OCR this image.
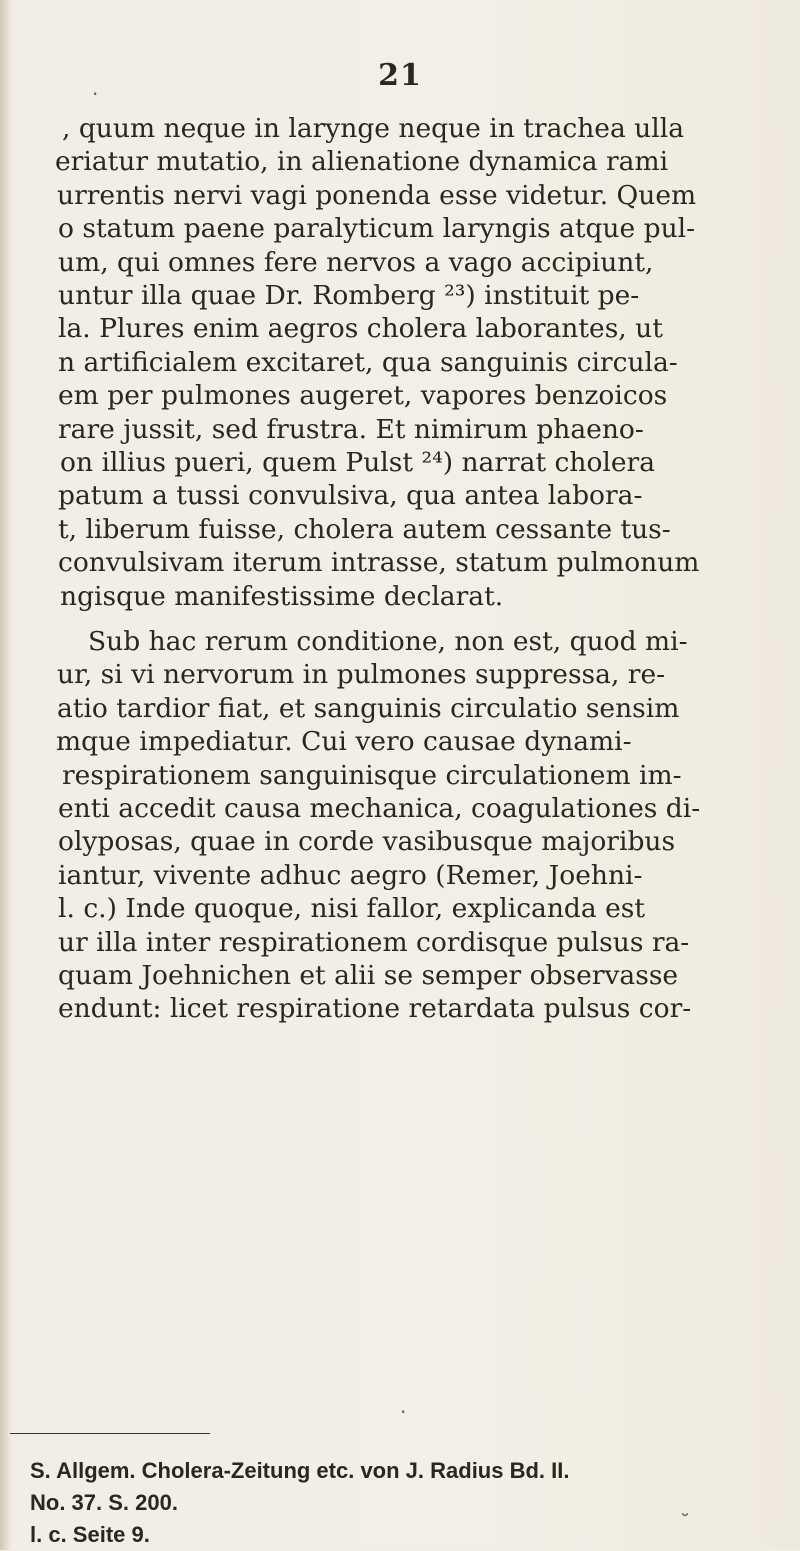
21
, quum neque in larynge neque in trachea ulla
eriatur mutatio, in alienatione dynamica rami
urrentis nervi vagi ponenda esse videtur. Quem
o statum paene paralyticum laryngis atque pul-
um, qui omnes fere nervos a vago accipiunt,
untur illa quae Dr. Romberg ²³) instituit pe-
la. Plures enim aegros cholera laborantes, ut
n artificialem excitaret, qua sanguinis circula-
em per pulmones augeret, vapores benzoicos
rare jussit, sed frustra. Et nimirum phaeno-
on illius pueri, quem Pulst ²⁴) narrat cholera
patum a tussi convulsiva, qua antea labora-
t, liberum fuisse, cholera autem cessante tus-
convulsivam iterum intrasse, statum pulmonum
ngisque manifestissime declarat.
Sub hac rerum conditione, non est, quod mi-
ur, si vi nervorum in pulmones suppressa, re-
atio tardior fiat, et sanguinis circulatio sensim
mque impediatur. Cui vero causae dynami-
respirationem sanguinisque circulationem im-
enti accedit causa mechanica, coagulationes di-
olyposas, quae in corde vasibusque majoribus
iantur, vivente adhuc aegro (Remer, Joehni-
l. c.) Inde quoque, nisi fallor, explicanda est
ur illa inter respirationem cordisque pulsus ra-
quam Joehnichen et alii se semper observasse
endunt: licet respiratione retardata pulsus cor-
S. Allgem. Cholera-Zeitung etc. von J. Radius Bd. II.
No. 37. S. 200.
l. c. Seite 9.
·
·
˘
